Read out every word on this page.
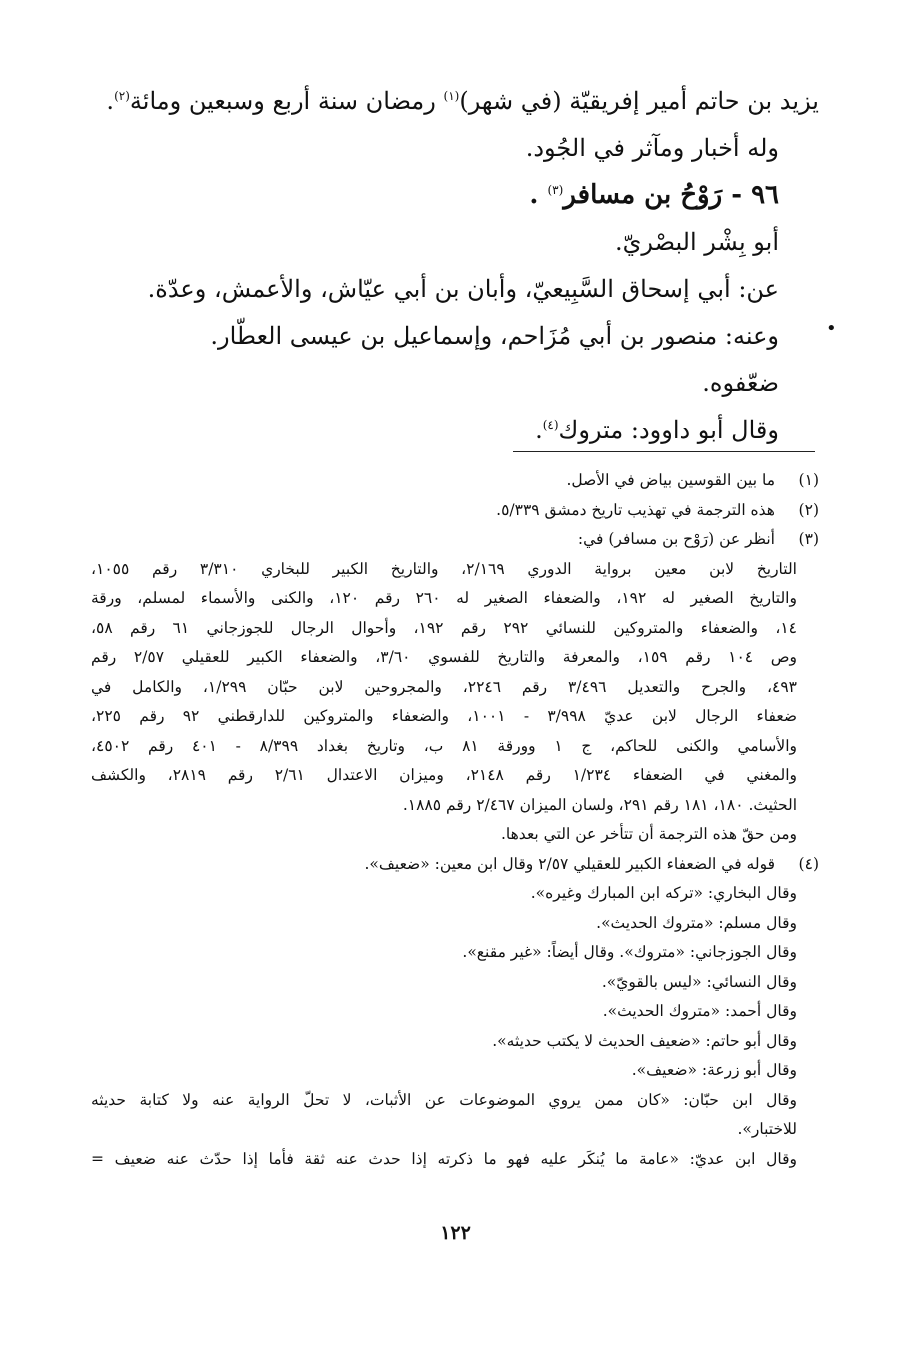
يزيد بن حاتم أمير إفريقيّة (في شهر)$^{(١)}$ رمضان سنة أربع وسبعين ومائة$^{(٢)}$.
وله أخبار ومآثر في الجُود.
٩٦ - رَوْحُ بن مسافر$^{(٣)}$ .
أبو بِشْر البصْريّ.
عن: أبي إسحاق السَّبِيعيّ، وأبان بن أبي عيّاش، والأعمش، وعدّة.
وعنه: منصور بن أبي مُزَاحم، وإسماعيل بن عيسى العطّار.
ضعّفوه.
وقال أبو داوود: متروك$^{(٤)}$.
•
(١)
ما بين القوسين بياض في الأصل.
(٢)
هذه الترجمة في تهذيب تاريخ دمشق ٥/٣٣٩.
(٣)
أنظر عن (رَوْح بن مسافر) في:
التاريخ لابن معين برواية الدوري ٢/١٦٩، والتاريخ الكبير للبخاري ٣/٣١٠ رقم ١٠٥٥،
والتاريخ الصغير له ١٩٢، والضعفاء الصغير له ٢٦٠ رقم ١٢٠، والكنى والأسماء لمسلم، ورقة
١٤، والضعفاء والمتروكين للنسائي ٢٩٢ رقم ١٩٢، وأحوال الرجال للجوزجاني ٦١ رقم ٥٨،
وص ١٠٤ رقم ١٥٩، والمعرفة والتاريخ للفسوي ٣/٦٠، والضعفاء الكبير للعقيلي ٢/٥٧ رقم
٤٩٣، والجرح والتعديل ٣/٤٩٦ رقم ٢٢٤٦، والمجروحين لابن حبّان ١/٢٩٩، والكامل في
ضعفاء الرجال لابن عديّ ٣/٩٩٨ - ١٠٠١، والضعفاء والمتروكين للدارقطني ٩٢ رقم ٢٢٥،
والأسامي والكنى للحاكم، ج ١ وورقة ٨١ ب، وتاريخ بغداد ٨/٣٩٩ - ٤٠١ رقم ٤٥٠٢،
والمغني في الضعفاء ١/٢٣٤ رقم ٢١٤٨، وميزان الاعتدال ٢/٦١ رقم ٢٨١٩، والكشف
الحثيث. ١٨٠، ١٨١ رقم ٢٩١، ولسان الميزان ٢/٤٦٧ رقم ١٨٨٥.
ومن حقّ هذه الترجمة أن تتأخر عن التي بعدها.
(٤)
قوله في الضعفاء الكبير للعقيلي ٢/٥٧ وقال ابن معين: «ضعيف».
وقال البخاري: «تركه ابن المبارك وغيره».
وقال مسلم: «متروك الحديث».
وقال الجوزجاني: «متروك». وقال أيضاً: «غير مقنع».
وقال النسائي: «ليس بالقويّ».
وقال أحمد: «متروك الحديث».
وقال أبو حاتم: «ضعيف الحديث لا يكتب حديثه».
وقال أبو زرعة: «ضعيف».
وقال ابن حبّان: «كان ممن يروي الموضوعات عن الأثبات، لا تحلّ الرواية عنه ولا كتابة حديثه
للاختبار».
وقال ابن عديّ: «عامة ما يُنكَر عليه فهو ما ذكرته إذا حدث عنه ثقة فأما إذا حدّث عنه ضعيف =
١٢٢
